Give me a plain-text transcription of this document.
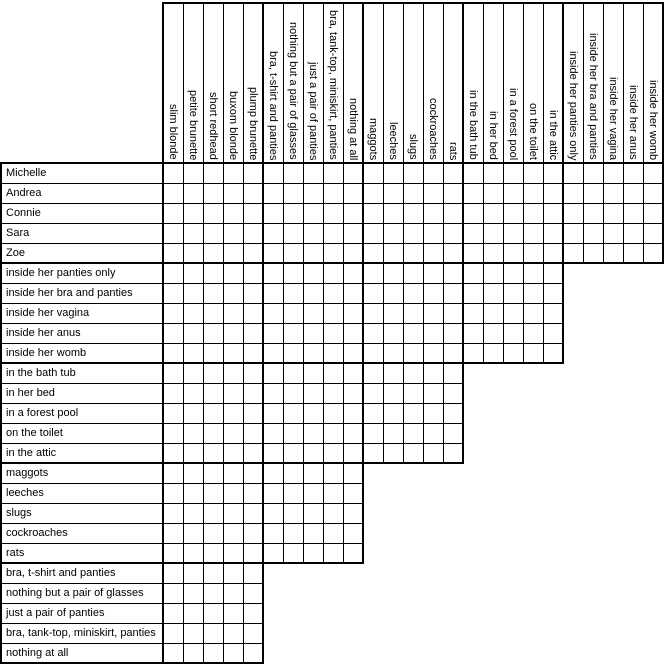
slim blonde petite brunette short redhead buxom blonde plump brunette bra, t-shirt and panties nothing but a pair of glasses just a pair of panties bra, tank-top, miniskirt, panties nothing at all maggots leeches slugs cockroaches rats in the bath tub in her bed in a forest pool on the toilet in the attic inside her panties only inside her bra and panties inside her vagina inside her anus inside her womb
Michelle
Andrea
Connie
Sara
Zoe
inside her panties only
inside her bra and panties
inside her vagina
inside her anus
inside her womb
in the bath tub
in her bed
in a forest pool
on the toilet
in the attic
maggots
leeches
slugs
cockroaches
rats
bra, t-shirt and panties
nothing but a pair of glasses
just a pair of panties
bra, tank-top, miniskirt, panties
nothing at all
